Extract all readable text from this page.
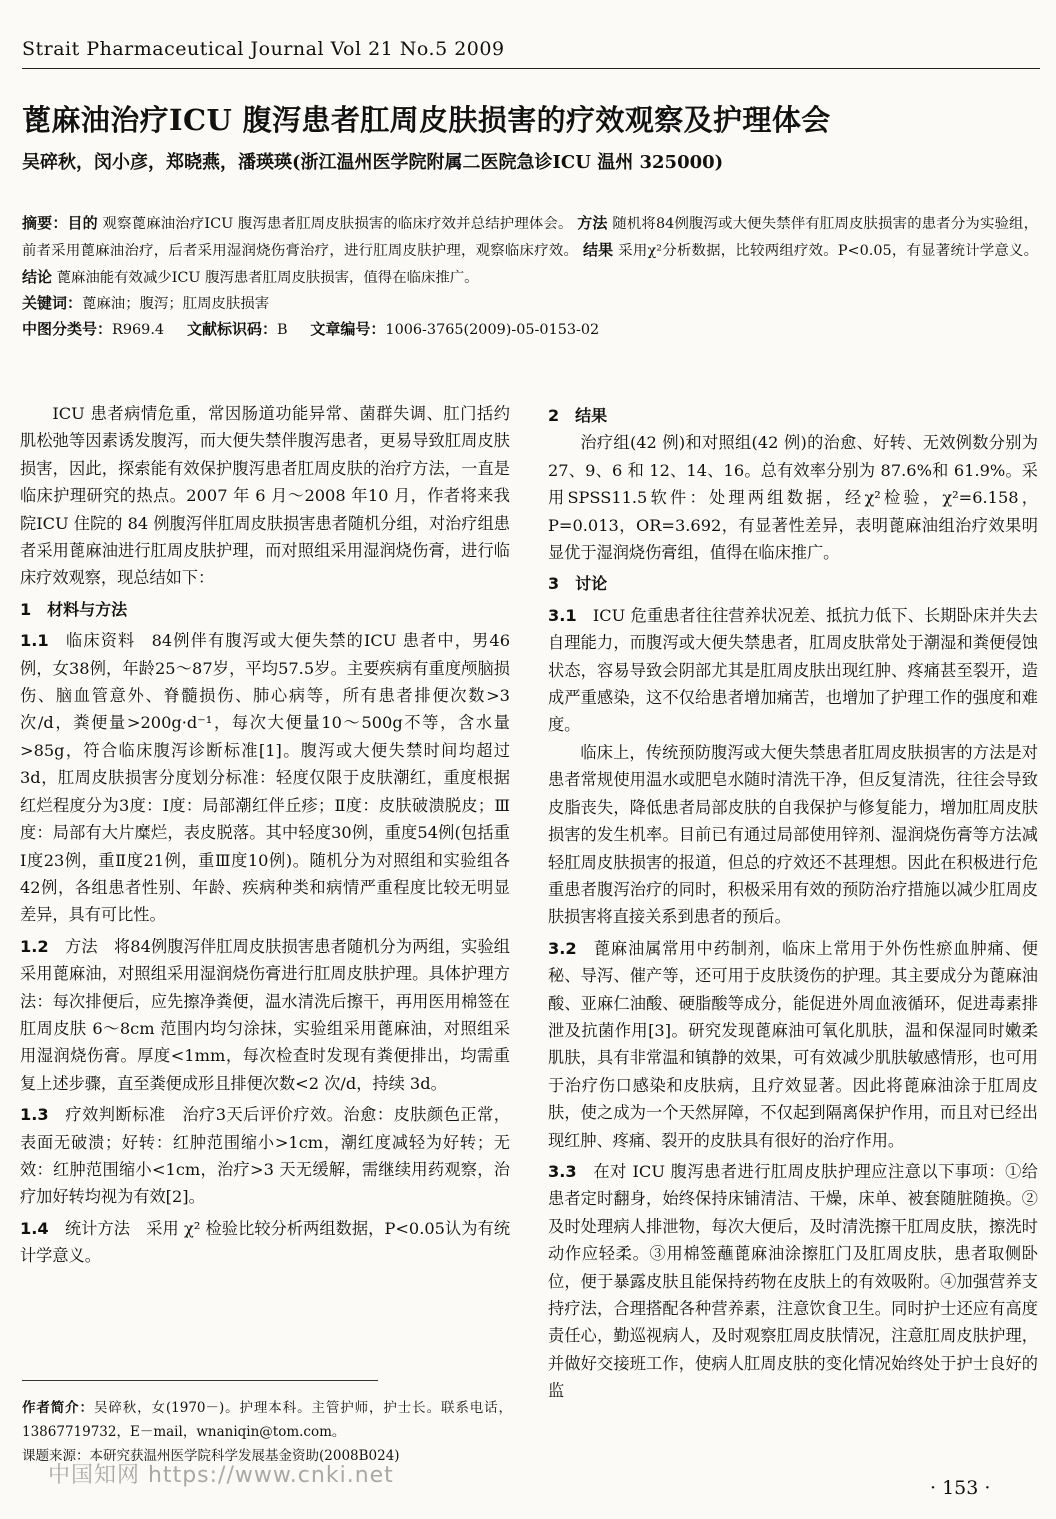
Strait Pharmaceutical Journal Vol 21 No.5 2009
蓖麻油治疗ICU 腹泻患者肛周皮肤损害的疗效观察及护理体会
吴碎秋，闵小彦，郑晓燕，潘瑛瑛(浙江温州医学院附属二医院急诊ICU 温州 325000)
摘要：目的 观察蓖麻油治疗ICU 腹泻患者肛周皮肤损害的临床疗效并总结护理体会。 方法 随机将84例腹泻或大便失禁伴有肛周皮肤损害的患者分为实验组，前者采用蓖麻油治疗，后者采用湿润烧伤膏治疗，进行肛周皮肤护理，观察临床疗效。 结果 采用χ²分析数据，比较两组疗效。P<0.05，有显著统计学意义。 结论 蓖麻油能有效减少ICU 腹泻患者肛周皮肤损害，值得在临床推广。
关键词：蓖麻油；腹泻；肛周皮肤损害
中图分类号：R969.4 文献标识码：B 文章编号：1006-3765(2009)-05-0153-02

ICU 患者病情危重，常因肠道功能异常、菌群失调、肛门括约肌松弛等因素诱发腹泻，而大便失禁伴腹泻患者，更易导致肛周皮肤损害，因此，探索能有效保护腹泻患者肛周皮肤的治疗方法，一直是临床护理研究的热点。2007 年 6 月～2008 年10 月，作者将来我院ICU 住院的 84 例腹泻伴肛周皮肤损害患者随机分组，对治疗组患者采用蓖麻油进行肛周皮肤护理，而对照组采用湿润烧伤膏，进行临床疗效观察，现总结如下：

1　材料与方法

1.1  临床资料  84例伴有腹泻或大便失禁的ICU 患者中，男46例，女38例，年龄25～87岁，平均57.5岁。主要疾病有重度颅脑损伤、脑血管意外、脊髓损伤、肺心病等，所有患者排便次数>3 次/d，粪便量>200g·d⁻¹，每次大便量10～500g不等，含水量>85g，符合临床腹泻诊断标准[1]。腹泻或大便失禁时间均超过 3d，肛周皮肤损害分度划分标准：轻度仅限于皮肤潮红，重度根据红烂程度分为3度：Ⅰ度：局部潮红伴丘疹；Ⅱ度：皮肤破溃脱皮；Ⅲ度：局部有大片糜烂，表皮脱落。其中轻度30例，重度54例(包括重Ⅰ度23例，重Ⅱ度21例，重Ⅲ度10例)。随机分为对照组和实验组各42例，各组患者性别、年龄、疾病种类和病情严重程度比较无明显差异，具有可比性。

1.2  方法  将84例腹泻伴肛周皮肤损害患者随机分为两组，实验组采用蓖麻油，对照组采用湿润烧伤膏进行肛周皮肤护理。具体护理方法：每次排便后，应先擦净粪便，温水清洗后擦干，再用医用棉签在肛周皮肤 6～8cm 范围内均匀涂抹，实验组采用蓖麻油，对照组采用湿润烧伤膏。厚度<1mm，每次检查时发现有粪便排出，均需重复上述步骤，直至粪便成形且排便次数<2 次/d，持续 3d。

1.3  疗效判断标准  治疗3天后评价疗效。治愈：皮肤颜色正常，表面无破溃；好转：红肿范围缩小>1cm，潮红度减轻为好转；无效：红肿范围缩小<1cm，治疗>3 天无缓解，需继续用药观察，治疗加好转均视为有效[2]。

1.4  统计方法  采用 χ² 检验比较分析两组数据，P<0.05认为有统计学意义。

2　结果

治疗组(42 例)和对照组(42 例)的治愈、好转、无效例数分别为 27、9、6 和 12、14、16。总有效率分别为 87.6%和 61.9%。采用SPSS11.5软件：处理两组数据，经χ²检验，χ²=6.158，P=0.013，OR=3.692，有显著性差异，表明蓖麻油组治疗效果明显优于湿润烧伤膏组，值得在临床推广。

3　讨论

3.1  ICU 危重患者往往营养状况差、抵抗力低下、长期卧床并失去自理能力，而腹泻或大便失禁患者，肛周皮肤常处于潮湿和粪便侵蚀状态，容易导致会阴部尤其是肛周皮肤出现红肿、疼痛甚至裂开，造成严重感染，这不仅给患者增加痛苦，也增加了护理工作的强度和难度。

临床上，传统预防腹泻或大便失禁患者肛周皮肤损害的方法是对患者常规使用温水或肥皂水随时清洗干净，但反复清洗，往往会导致皮脂丧失，降低患者局部皮肤的自我保护与修复能力，增加肛周皮肤损害的发生机率。目前已有通过局部使用锌剂、湿润烧伤膏等方法减轻肛周皮肤损害的报道，但总的疗效还不甚理想。因此在积极进行危重患者腹泻治疗的同时，积极采用有效的预防治疗措施以减少肛周皮肤损害将直接关系到患者的预后。

3.2  蓖麻油属常用中药制剂，临床上常用于外伤性瘀血肿痛、便秘、导泻、催产等，还可用于皮肤烫伤的护理。其主要成分为蓖麻油酸、亚麻仁油酸、硬脂酸等成分，能促进外周血液循环，促进毒素排泄及抗菌作用[3]。研究发现蓖麻油可氧化肌肤，温和保湿同时嫩柔肌肤，具有非常温和镇静的效果，可有效减少肌肤敏感情形，也可用于治疗伤口感染和皮肤病，且疗效显著。因此将蓖麻油涂于肛周皮肤，使之成为一个天然屏障，不仅起到隔离保护作用，而且对已经出现红肿、疼痛、裂开的皮肤具有很好的治疗作用。

3.3  在对 ICU 腹泻患者进行肛周皮肤护理应注意以下事项：①给患者定时翻身，始终保持床铺清洁、干燥，床单、被套随脏随换。②及时处理病人排泄物，每次大便后，及时清洗擦干肛周皮肤，擦洗时动作应轻柔。③用棉签蘸蓖麻油涂擦肛门及肛周皮肤，患者取侧卧位，便于暴露皮肤且能保持药物在皮肤上的有效吸附。④加强营养支持疗法，合理搭配各种营养素，注意饮食卫生。同时护士还应有高度责任心，勤巡视病人，及时观察肛周皮肤情况，注意肛周皮肤护理，并做好交接班工作，使病人肛周皮肤的变化情况始终处于护士良好的监

作者简介：吴碎秋，女(1970－)。护理本科。主管护师，护士长。联系电话，13867719732，E－mail，wnaniqin@tom.com。
课题来源：本研究获温州医学院科学发展基金资助(2008B024)
中国知网 https://www.cnki.net	· 153 ·
